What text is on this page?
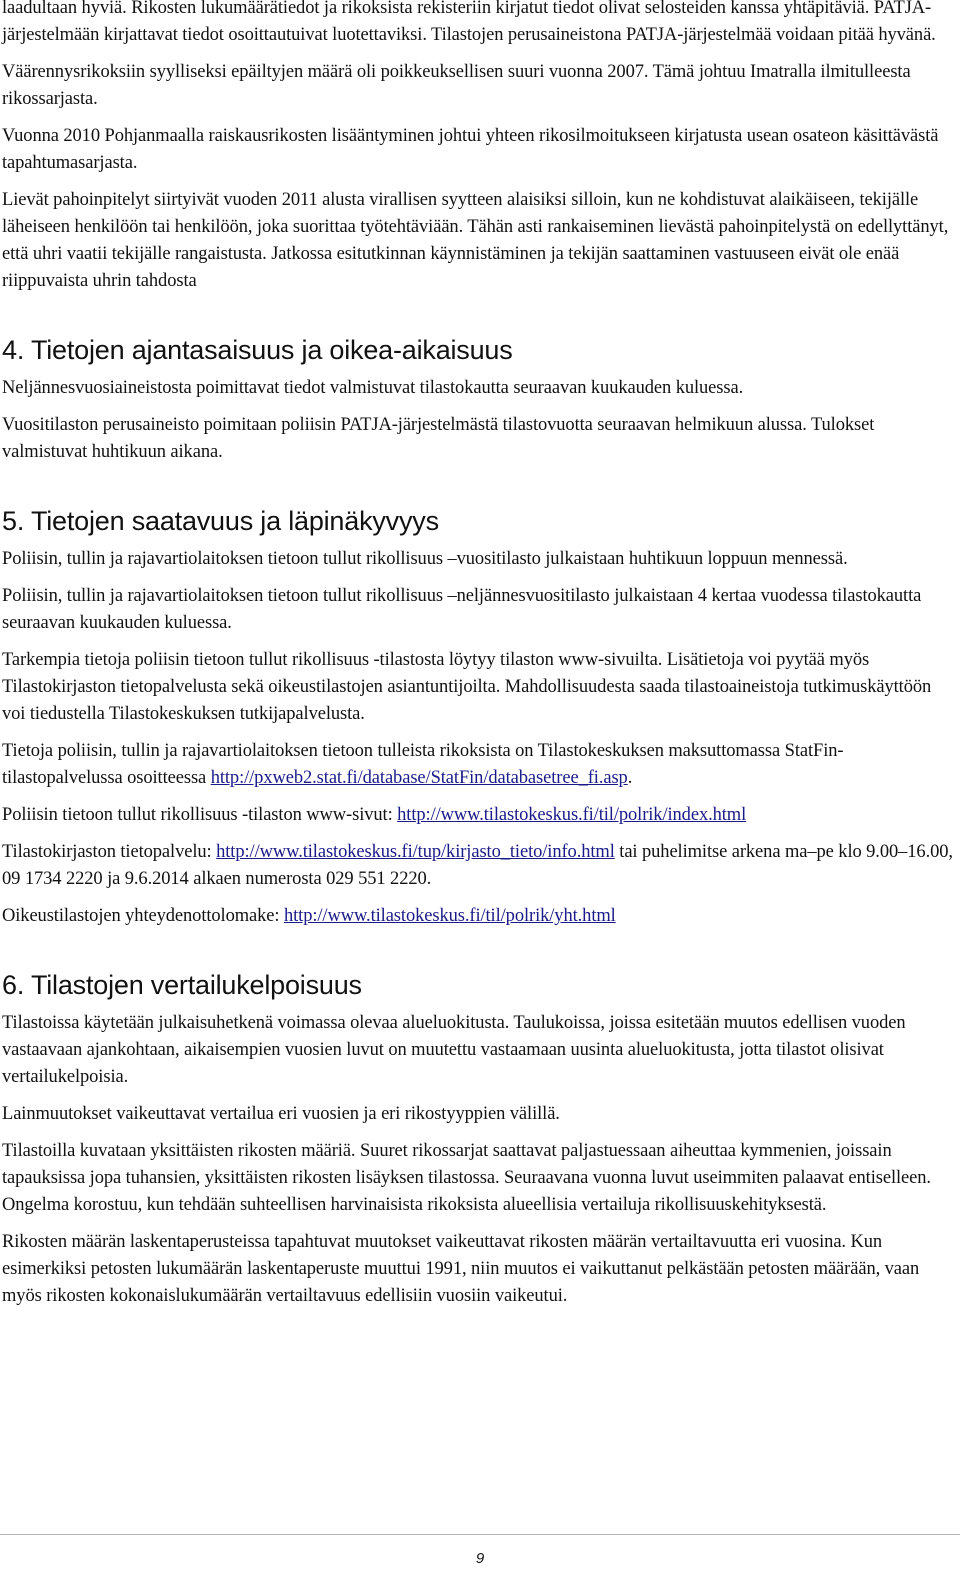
laadultaan hyviä. Rikosten lukumäärätiedot ja rikoksista rekisteriin kirjatut tiedot olivat selosteiden kanssa yhtäpitäviä. PATJA-järjestelmään kirjattavat tiedot osoittautuivat luotettaviksi. Tilastojen perusaineistona PATJA-järjestelmää voidaan pitää hyvänä.

Väärennysrikoksiin syylliseksi epäiltyjen määrä oli poikkeuksellisen suuri vuonna 2007. Tämä johtuu Imatralla ilmitulleesta rikossarjasta.

Vuonna 2010 Pohjanmaalla raiskausrikosten lisääntyminen johtui yhteen rikosilmoitukseen kirjatusta usean osateon käsittävästä tapahtumasarjasta.

Lievät pahoinpitelyt siirtyivät vuoden 2011 alusta virallisen syytteen alaisiksi silloin, kun ne kohdistuvat alaikäiseen, tekijälle läheiseen henkilöön tai henkilöön, joka suorittaa työtehtäviään. Tähän asti rankaiseminen lievästä pahoinpitelystä on edellyttänyt, että uhri vaatii tekijälle rangaistusta. Jatkossa esitutkinnan käynnistäminen ja tekijän saattaminen vastuuseen eivät ole enää riippuvaista uhrin tahdosta

4. Tietojen ajantasaisuus ja oikea-aikaisuus

Neljännesvuosiaineistosta poimittavat tiedot valmistuvat tilastokautta seuraavan kuukauden kuluessa.

Vuositilaston perusaineisto poimitaan poliisin PATJA-järjestelmästä tilastovuotta seuraavan helmikuun alussa. Tulokset valmistuvat huhtikuun aikana.

5. Tietojen saatavuus ja läpinäkyvyys

Poliisin, tullin ja rajavartiolaitoksen tietoon tullut rikollisuus –vuositilasto julkaistaan huhtikuun loppuun mennessä.

Poliisin, tullin ja rajavartiolaitoksen tietoon tullut rikollisuus –neljännesvuositilasto julkaistaan 4 kertaa vuodessa tilastokautta seuraavan kuukauden kuluessa.

Tarkempia tietoja poliisin tietoon tullut rikollisuus -tilastosta löytyy tilaston www-sivuilta. Lisätietoja voi pyytää myös Tilastokirjaston tietopalvelusta sekä oikeustilastojen asiantuntijoilta. Mahdollisuudesta saada tilastoaineistoja tutkimuskäyttöön voi tiedustella Tilastokeskuksen tutkijapalvelusta.

Tietoja poliisin, tullin ja rajavartiolaitoksen tietoon tulleista rikoksista on Tilastokeskuksen maksuttomassa StatFin-tilastopalvelussa osoitteessa http://pxweb2.stat.fi/database/StatFin/databasetree_fi.asp.

Poliisin tietoon tullut rikollisuus -tilaston www-sivut: http://www.tilastokeskus.fi/til/polrik/index.html

Tilastokirjaston tietopalvelu: http://www.tilastokeskus.fi/tup/kirjasto_tieto/info.html tai puhelimitse arkena ma–pe klo 9.00–16.00, 09 1734 2220 ja 9.6.2014 alkaen numerosta 029 551 2220.

Oikeustilastojen yhteydenottolomake: http://www.tilastokeskus.fi/til/polrik/yht.html

6. Tilastojen vertailukelpoisuus

Tilastoissa käytetään julkaisuhetkenä voimassa olevaa alueluokitusta. Taulukoissa, joissa esitetään muutos edellisen vuoden vastaavaan ajankohtaan, aikaisempien vuosien luvut on muutettu vastaamaan uusinta alueluokitusta, jotta tilastot olisivat vertailukelpoisia.

Lainmuutokset vaikeuttavat vertailua eri vuosien ja eri rikostyyppien välillä.

Tilastoilla kuvataan yksittäisten rikosten määriä. Suuret rikossarjat saattavat paljastuessaan aiheuttaa kymmenien, joissain tapauksissa jopa tuhansien, yksittäisten rikosten lisäyksen tilastossa. Seuraavana vuonna luvut useimmiten palaavat entiselleen. Ongelma korostuu, kun tehdään suhteellisen harvinaisista rikoksista alueellisia vertailuja rikollisuuskehityksestä.

Rikosten määrän laskentaperusteissa tapahtuvat muutokset vaikeuttavat rikosten määrän vertailtavuutta eri vuosina. Kun esimerkiksi petosten lukumäärän laskentaperuste muuttui 1991, niin muutos ei vaikuttanut pelkästään petosten määrään, vaan myös rikosten kokonaislukumäärän vertailtavuus edellisiin vuosiin vaikeutui.

9
